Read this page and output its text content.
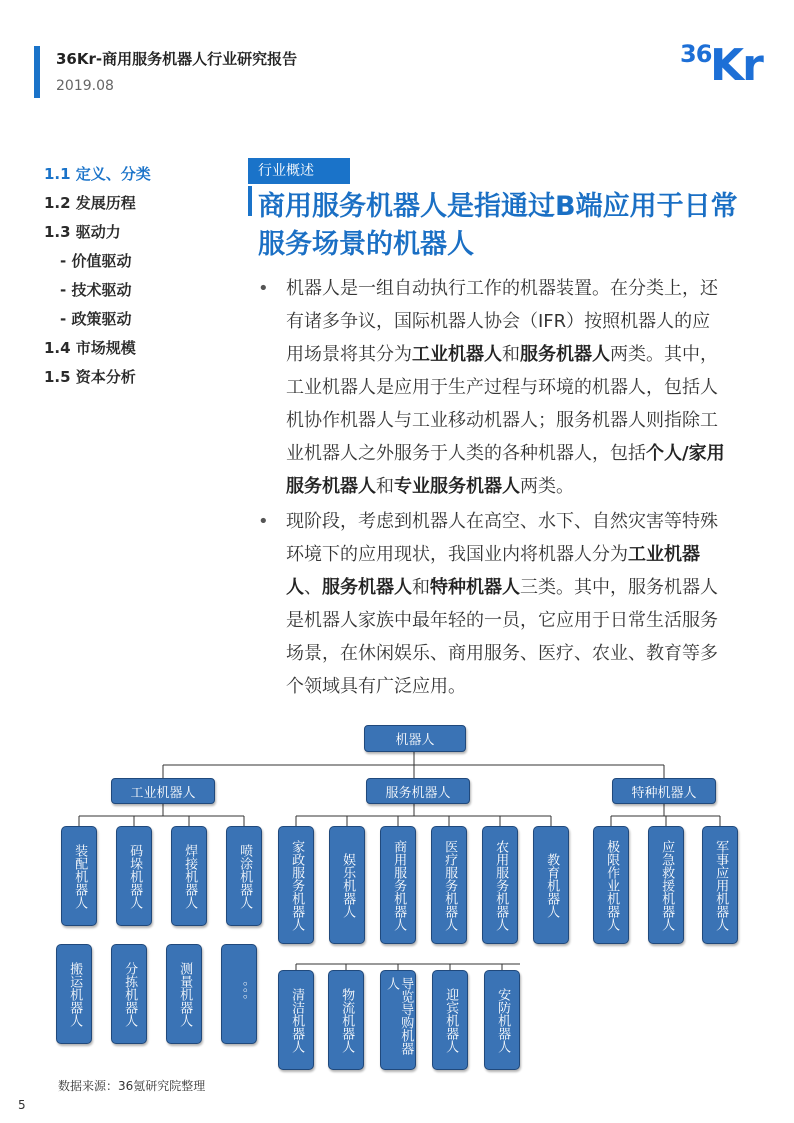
36Kr-商用服务机器人行业研究报告
2019.08
36
Kr
1.1 定义、分类
1.2 发展历程
1.3 驱动力
- 价值驱动
- 技术驱动
- 政策驱动
1.4 市场规模
1.5 资本分析
行业概述
商用服务机器人是指通过B端应用于日常服务场景的机器人
• 机器人是一组自动执行工作的机器装置。在分类上，还有诸多争议，国际机器人协会（IFR）按照机器人的应用场景将其分为工业机器人和服务机器人两类。其中，工业机器人是应用于生产过程与环境的机器人，包括人机协作机器人与工业移动机器人；服务机器人则指除工业机器人之外服务于人类的各种机器人，包括个人/家用服务机器人和专业服务机器人两类。
• 现阶段，考虑到机器人在高空、水下、自然灾害等特殊环境下的应用现状，我国业内将机器人分为工业机器人、服务机器人和特种机器人三类。其中，服务机器人是机器人家族中最年轻的一员，它应用于日常生活服务场景，在休闲娱乐、商用服务、医疗、农业、教育等多个领域具有广泛应用。
机器人
工业机器人	服务机器人	特种机器人
装配机器人	码垛机器人	焊接机器人	喷涂机器人
搬运机器人	分拣机器人	测量机器人	。。。
家政服务机器人	娱乐机器人	商用服务机器人	医疗服务机器人	农用服务机器人	教育机器人
清洁机器人	物流机器人	导览导购机器人
迎宾机器人	安防机器人
极限作业机器人	应急救援机器人	军事应用机器人
数据来源：36氪研究院整理
5
